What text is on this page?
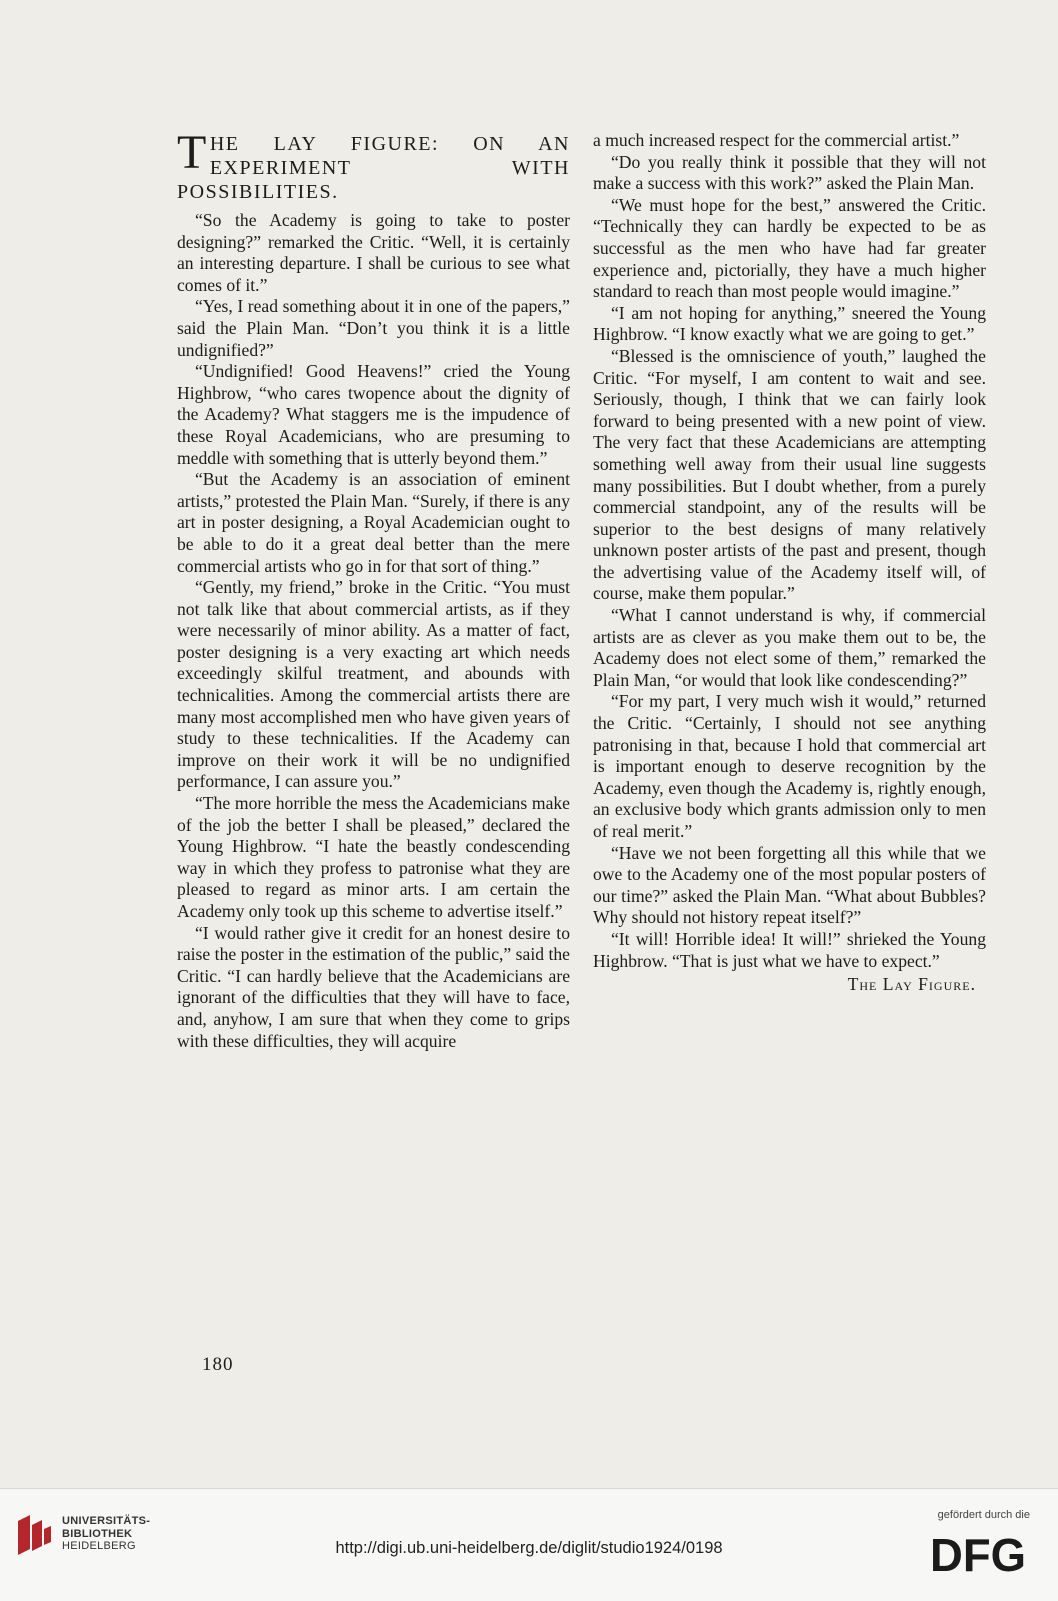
THE LAY FIGURE: ON AN EXPERIMENT WITH POSSIBILITIES.

“So the Academy is going to take to poster designing?” remarked the Critic. “Well, it is certainly an interesting departure. I shall be curious to see what comes of it.”

“Yes, I read something about it in one of the papers,” said the Plain Man. “Don’t you think it is a little undignified?”

“Undignified! Good Heavens!” cried the Young Highbrow, “who cares twopence about the dignity of the Academy? What staggers me is the impudence of these Royal Academicians, who are presuming to meddle with something that is utterly beyond them.”

“But the Academy is an association of eminent artists,” protested the Plain Man. “Surely, if there is any art in poster designing, a Royal Academician ought to be able to do it a great deal better than the mere commercial artists who go in for that sort of thing.”

“Gently, my friend,” broke in the Critic. “You must not talk like that about commercial artists, as if they were necessarily of minor ability. As a matter of fact, poster designing is a very exacting art which needs exceedingly skilful treatment, and abounds with technicalities. Among the commercial artists there are many most accomplished men who have given years of study to these technicalities. If the Academy can improve on their work it will be no undignified performance, I can assure you.”

“The more horrible the mess the Academicians make of the job the better I shall be pleased,” declared the Young Highbrow. “I hate the beastly condescending way in which they profess to patronise what they are pleased to regard as minor arts. I am certain the Academy only took up this scheme to advertise itself.”

“I would rather give it credit for an honest desire to raise the poster in the estimation of the public,” said the Critic. “I can hardly believe that the Academicians are ignorant of the difficulties that they will have to face, and, anyhow, I am sure that when they come to grips with these difficulties, they will acquire

a much increased respect for the commercial artist.”

“Do you really think it possible that they will not make a success with this work?” asked the Plain Man.

“We must hope for the best,” answered the Critic. “Technically they can hardly be expected to be as successful as the men who have had far greater experience and, pictorially, they have a much higher standard to reach than most people would imagine.”

“I am not hoping for anything,” sneered the Young Highbrow. “I know exactly what we are going to get.”

“Blessed is the omniscience of youth,” laughed the Critic. “For myself, I am content to wait and see. Seriously, though, I think that we can fairly look forward to being presented with a new point of view. The very fact that these Academicians are attempting something well away from their usual line suggests many possibilities. But I doubt whether, from a purely commercial standpoint, any of the results will be superior to the best designs of many relatively unknown poster artists of the past and present, though the advertising value of the Academy itself will, of course, make them popular.”

“What I cannot understand is why, if commercial artists are as clever as you make them out to be, the Academy does not elect some of them,” remarked the Plain Man, “or would that look like condescending?”

“For my part, I very much wish it would,” returned the Critic. “Certainly, I should not see anything patronising in that, because I hold that commercial art is important enough to deserve recognition by the Academy, even though the Academy is, rightly enough, an exclusive body which grants admission only to men of real merit.”

“Have we not been forgetting all this while that we owe to the Academy one of the most popular posters of our time?” asked the Plain Man. “What about Bubbles? Why should not history repeat itself?”

“It will! Horrible idea! It will!” shrieked the Young Highbrow. “That is just what we have to expect.”

The Lay Figure.
180
UNIVERSITÄTS-
BIBLIOTHEK
HEIDELBERG	http://digi.ub.uni-heidelberg.de/diglit/studio1924/0198
gefördert durch die
DFG
